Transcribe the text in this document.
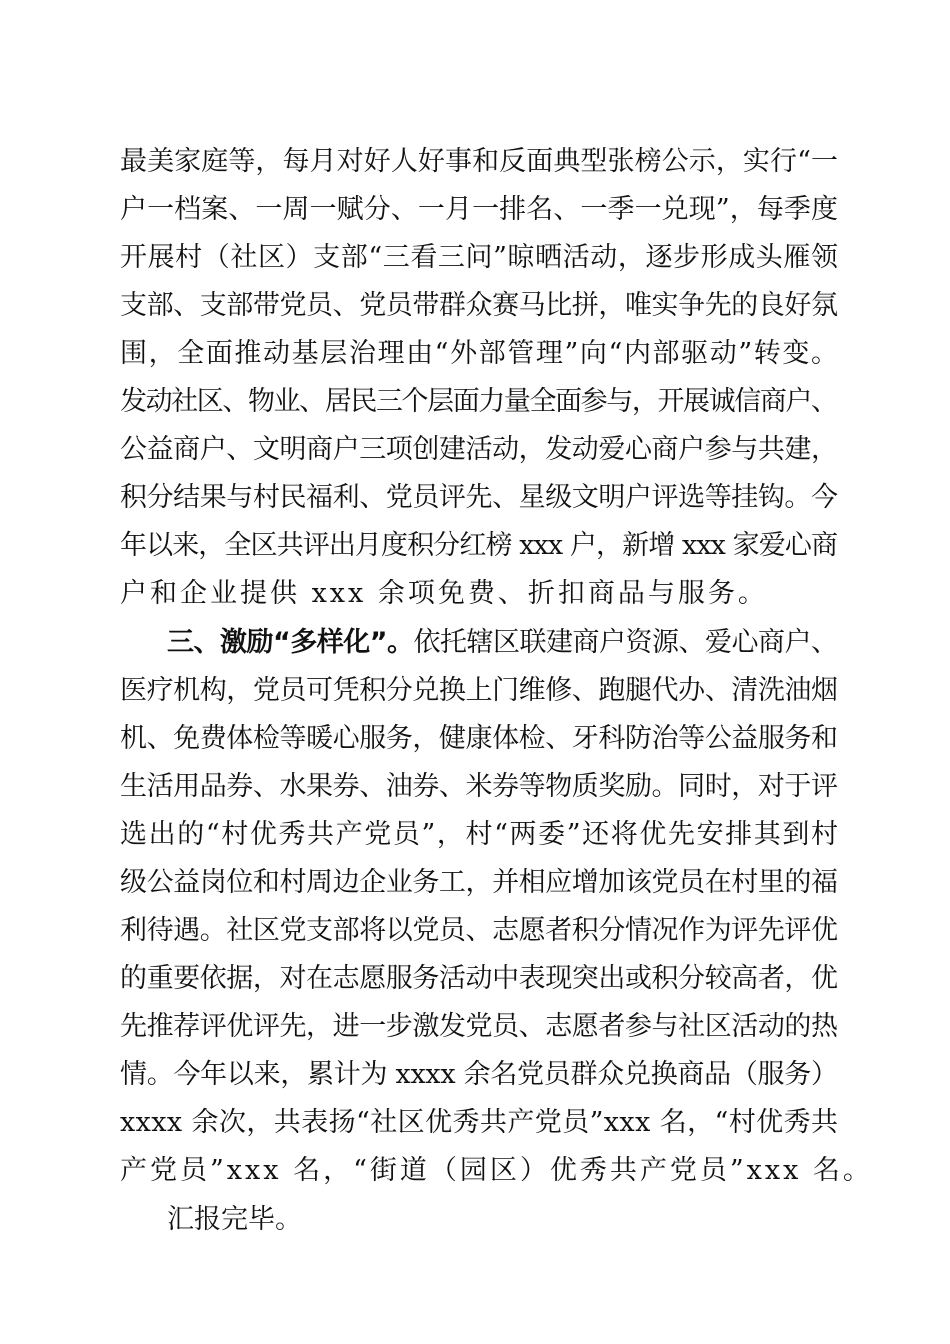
最美家庭等，每月对好人好事和反面典型张榜公示，实行“一

户一档案、一周一赋分、一月一排名、一季一兑现”，每季度

开展村（社区）支部“三看三问”晾晒活动，逐步形成头雁领

支部、支部带党员、党员带群众赛马比拼，唯实争先的良好氛

围，全面推动基层治理由“外部管理”向“内部驱动”转变。

发动社区、物业、居民三个层面力量全面参与，开展诚信商户、

公益商户、文明商户三项创建活动，发动爱心商户参与共建，

积分结果与村民福利、党员评先、星级文明户评选等挂钩。今

年以来，全区共评出月度积分红榜 xxx 户，新增 xxx 家爱心商

户和企业提供 xxx 余项免费、折扣商品与服务。

三、激励“多样化”。依托辖区联建商户资源、爱心商户、

医疗机构，党员可凭积分兑换上门维修、跑腿代办、清洗油烟

机、免费体检等暖心服务，健康体检、牙科防治等公益服务和

生活用品券、水果券、油券、米券等物质奖励。同时，对于评

选出的“村优秀共产党员”，村“两委”还将优先安排其到村

级公益岗位和村周边企业务工，并相应增加该党员在村里的福

利待遇。社区党支部将以党员、志愿者积分情况作为评先评优

的重要依据，对在志愿服务活动中表现突出或积分较高者，优

先推荐评优评先，进一步激发党员、志愿者参与社区活动的热

情。今年以来，累计为 xxxx 余名党员群众兑换商品（服务）

xxxx 余次，共表扬“社区优秀共产党员”xxx 名，“村优秀共

产党员”xxx 名，“街道（园区）优秀共产党员”xxx 名。

汇报完毕。
